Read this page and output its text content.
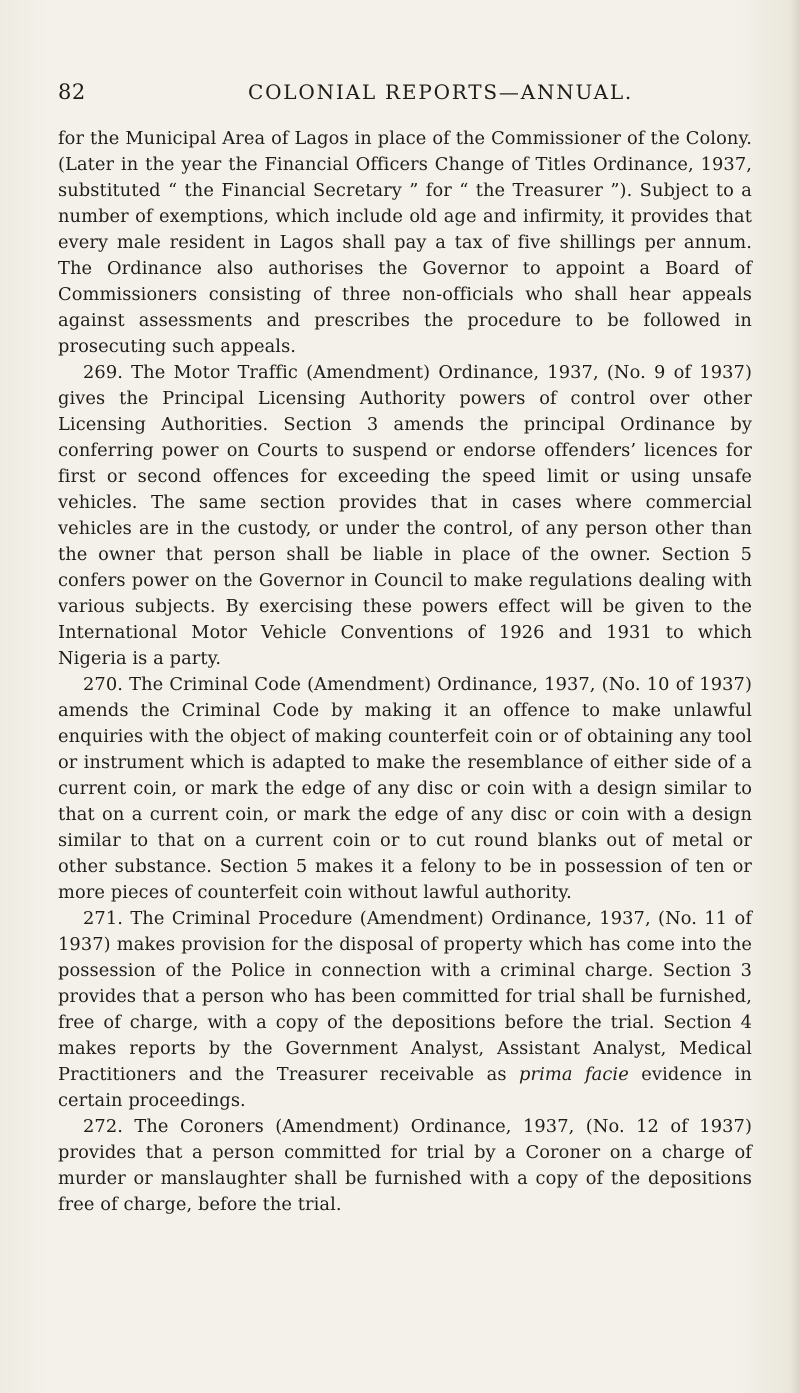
82	COLONIAL REPORTS—ANNUAL.

for the Municipal Area of Lagos in place of the Commissioner of the Colony. (Later in the year the Financial Officers Change of Titles Ordinance, 1937, substituted “ the Financial Secretary ” for “ the Treasurer ”). Subject to a number of exemptions, which include old age and infirmity, it provides that every male resident in Lagos shall pay a tax of five shillings per annum. The Ordinance also authorises the Governor to appoint a Board of Commissioners consisting of three non-officials who shall hear appeals against assessments and prescribes the procedure to be followed in prosecuting such appeals.

269. The Motor Traffic (Amendment) Ordinance, 1937, (No. 9 of 1937) gives the Principal Licensing Authority powers of control over other Licensing Authorities. Section 3 amends the principal Ordinance by conferring power on Courts to suspend or endorse offenders’ licences for first or second offences for exceeding the speed limit or using unsafe vehicles. The same section provides that in cases where commercial vehicles are in the custody, or under the control, of any person other than the owner that person shall be liable in place of the owner. Section 5 confers power on the Governor in Council to make regulations dealing with various subjects. By exercising these powers effect will be given to the International Motor Vehicle Conventions of 1926 and 1931 to which Nigeria is a party.

270. The Criminal Code (Amendment) Ordinance, 1937, (No. 10 of 1937) amends the Criminal Code by making it an offence to make unlawful enquiries with the object of making counterfeit coin or of obtaining any tool or instrument which is adapted to make the resemblance of either side of a current coin, or mark the edge of any disc or coin with a design similar to that on a current coin, or mark the edge of any disc or coin with a design similar to that on a current coin or to cut round blanks out of metal or other substance. Section 5 makes it a felony to be in possession of ten or more pieces of counterfeit coin without lawful authority.

271. The Criminal Procedure (Amendment) Ordinance, 1937, (No. 11 of 1937) makes provision for the disposal of property which has come into the possession of the Police in connection with a criminal charge. Section 3 provides that a person who has been committed for trial shall be furnished, free of charge, with a copy of the depositions before the trial. Section 4 makes reports by the Government Analyst, Assistant Analyst, Medical Practitioners and the Treasurer receivable as prima facie evidence in certain proceedings.

272. The Coroners (Amendment) Ordinance, 1937, (No. 12 of 1937) provides that a person committed for trial by a Coroner on a charge of murder or manslaughter shall be furnished with a copy of the depositions free of charge, before the trial.
